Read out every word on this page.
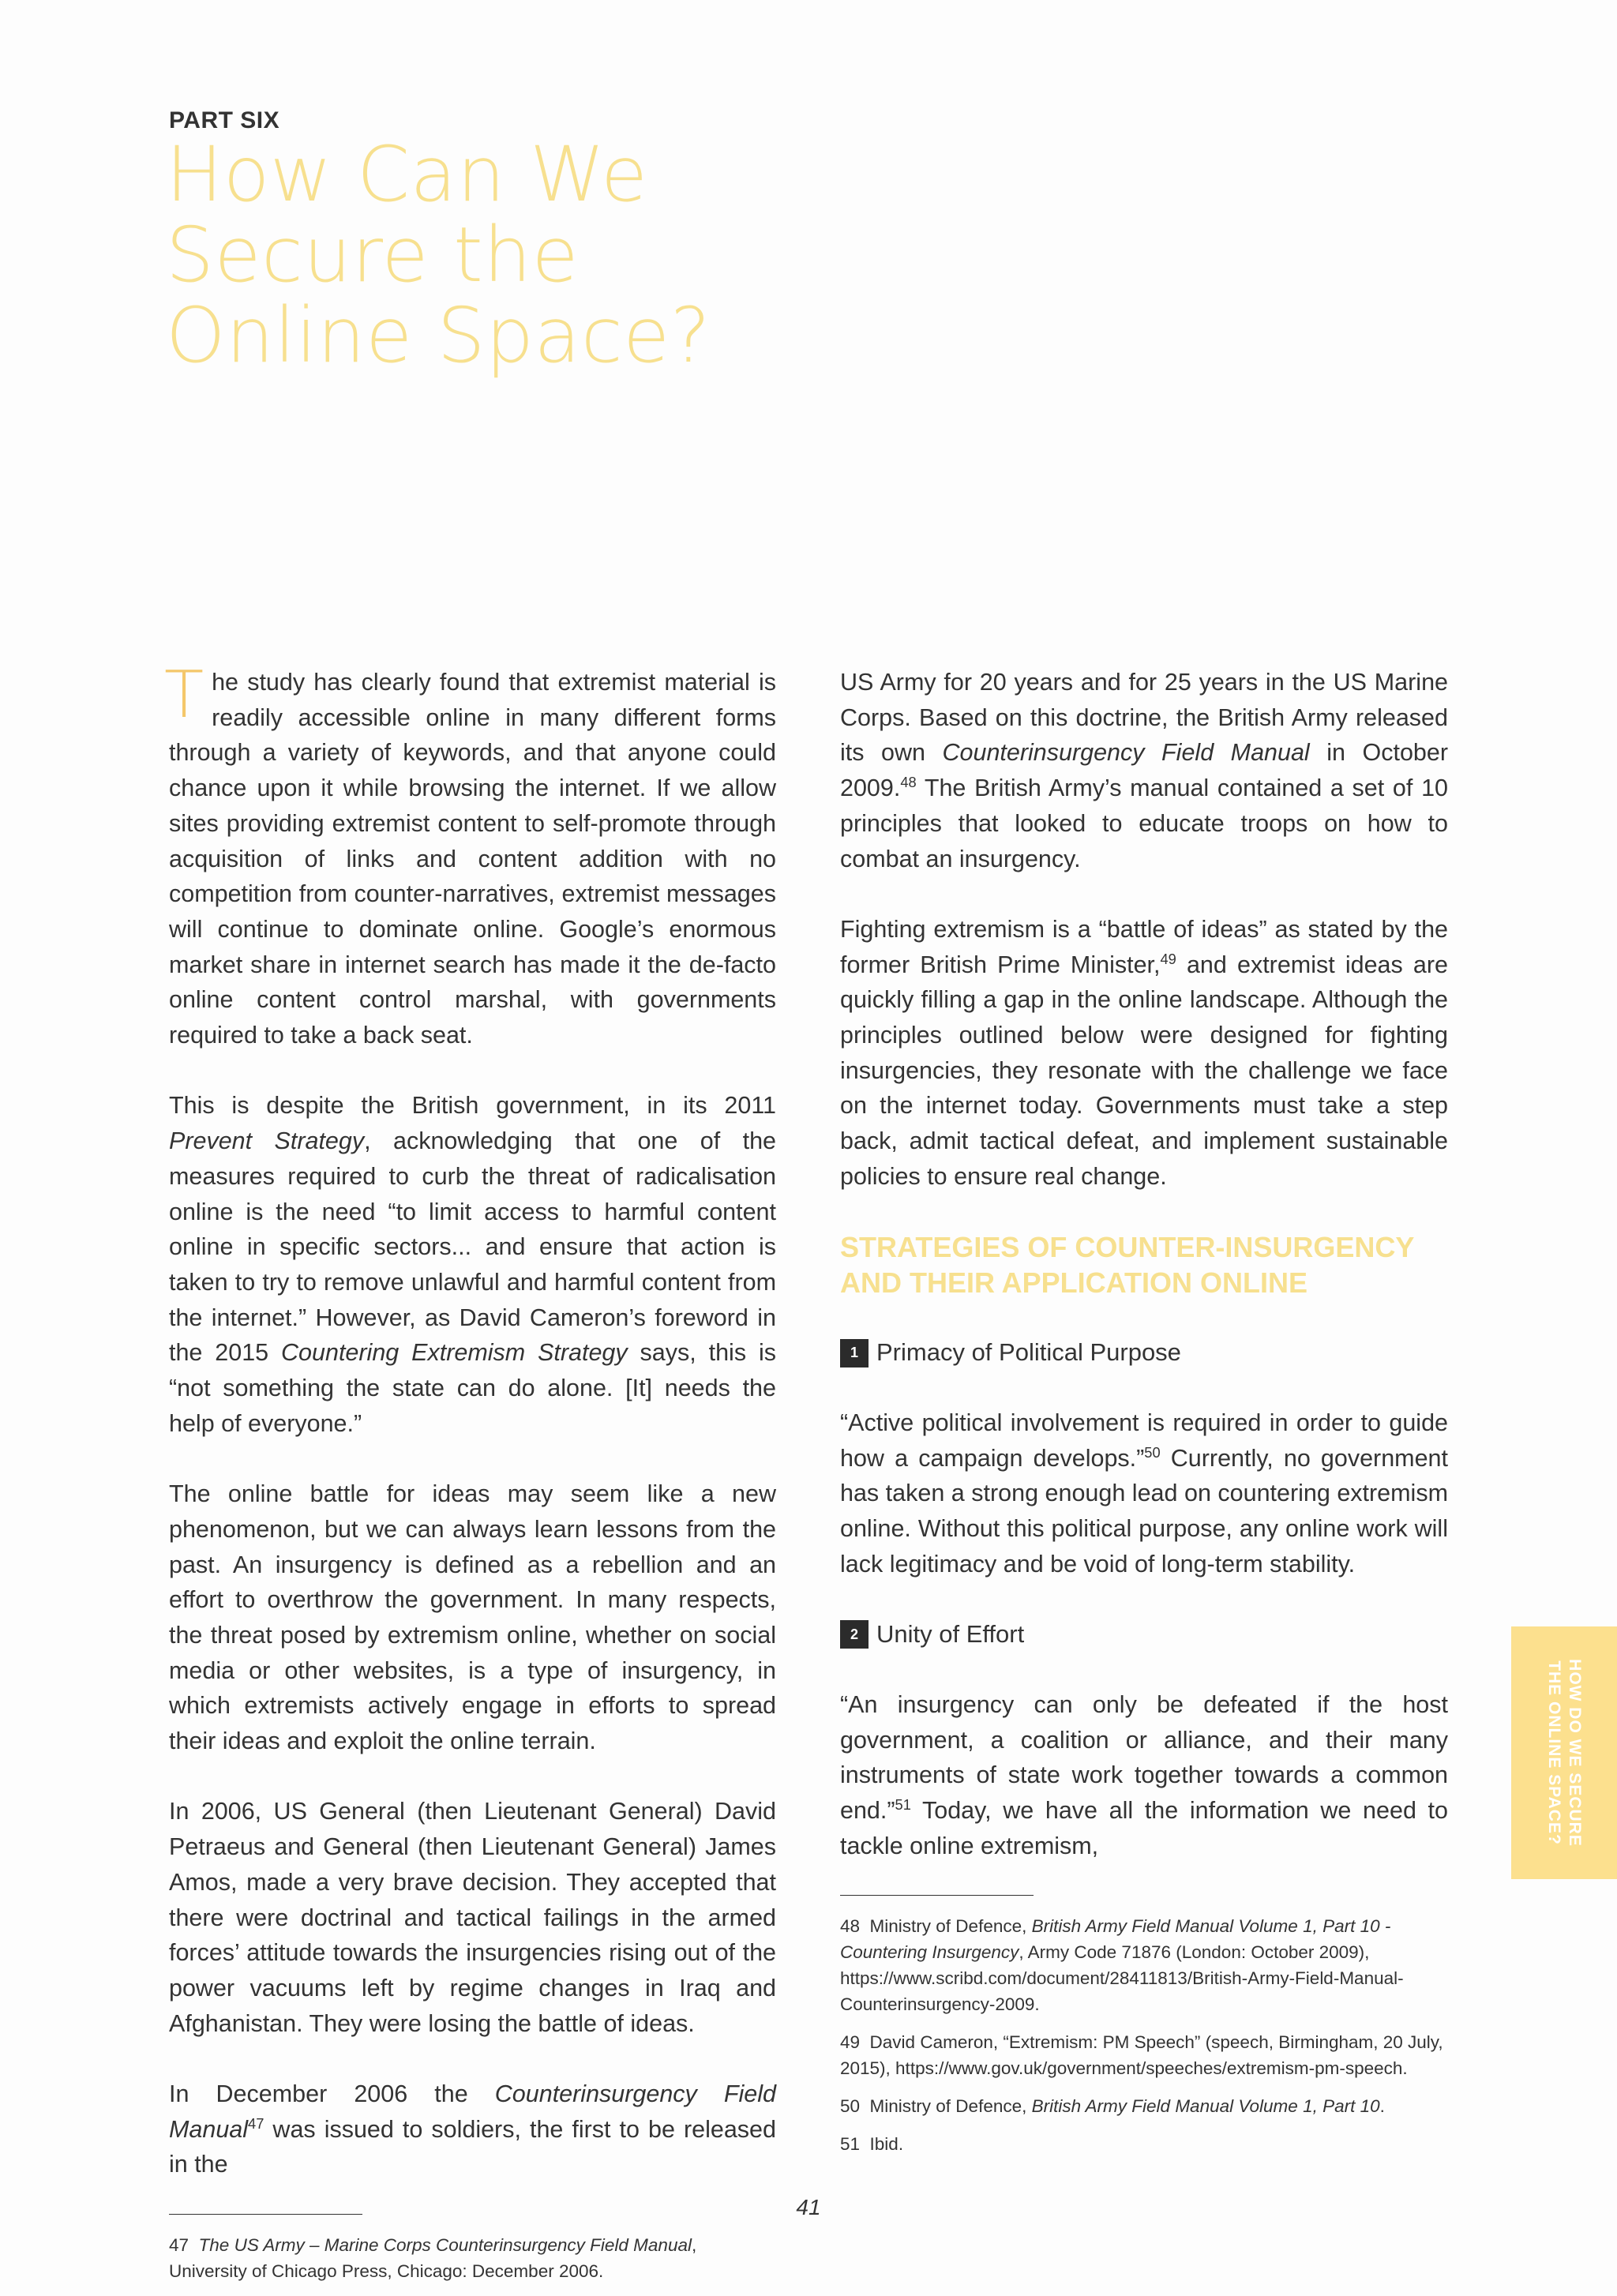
PART SIX
How Can We
Secure the
Online Space?

The study has clearly found that extremist material is readily accessible online in many different forms through a variety of keywords, and that anyone could chance upon it while browsing the internet. If we allow sites providing extremist content to self-promote through acquisition of links and content addition with no competition from counter-narratives, extremist messages will continue to dominate online. Google’s enormous market share in internet search has made it the de-facto online content control marshal, with governments required to take a back seat.

This is despite the British government, in its 2011 Prevent Strategy, acknowledging that one of the measures required to curb the threat of radicalisation online is the need “to limit access to harmful content online in specific sectors... and ensure that action is taken to try to remove unlawful and harmful content from the internet.” However, as David Cameron’s foreword in the 2015 Countering Extremism Strategy says, this is “not something the state can do alone. [It] needs the help of everyone.”

The online battle for ideas may seem like a new phenomenon, but we can always learn lessons from the past. An insurgency is defined as a rebellion and an effort to overthrow the government. In many respects, the threat posed by extremism online, whether on social media or other websites, is a type of insurgency, in which extremists actively engage in efforts to spread their ideas and exploit the online terrain.

In 2006, US General (then Lieutenant General) David Petraeus and General (then Lieutenant General) James Amos, made a very brave decision. They accepted that there were doctrinal and tactical failings in the armed forces’ attitude towards the insurgencies rising out of the power vacuums left by regime changes in Iraq and Afghanistan. They were losing the battle of ideas.

In December 2006 the Counterinsurgency Field Manual$^{47}$ was issued to soldiers, the first to be released in the

47 The US Army – Marine Corps Counterinsurgency Field Manual, University of Chicago Press, Chicago: December 2006.

US Army for 20 years and for 25 years in the US Marine Corps. Based on this doctrine, the British Army released its own Counterinsurgency Field Manual in October 2009.48 The British Army’s manual contained a set of 10 principles that looked to educate troops on how to combat an insurgency.

Fighting extremism is a “battle of ideas” as stated by the former British Prime Minister,$^{49}$ and extremist ideas are quickly filling a gap in the online landscape. Although the principles outlined below were designed for fighting insurgencies, they resonate with the challenge we face on the internet today. Governments must take a step back, admit tactical defeat, and implement sustainable policies to ensure real change.

STRATEGIES OF COUNTER-INSURGENCY
AND THEIR APPLICATION ONLINE
1 Primacy of Political Purpose

“Active political involvement is required in order to guide how a campaign develops.”$^{50}$ Currently, no government has taken a strong enough lead on countering extremism online. Without this political purpose, any online work will lack legitimacy and be void of long-term stability.

2 Unity of Effort

“An insurgency can only be defeated if the host government, a coalition or alliance, and their many instruments of state work together towards a common end.”$^{51}$ Today, we have all the information we need to tackle online extremism,

48 Ministry of Defence, British Army Field Manual Volume 1, Part 10 - Countering Insurgency, Army Code 71876 (London: October 2009), https://www.scribd.com/document/28411813/British-Army-Field-Manual-Counterinsurgency-2009.
49 David Cameron, “Extremism: PM Speech” (speech, Birmingham, 20 July, 2015), https://www.gov.uk/government/speeches/extremism-pm-speech.
50 Ministry of Defence, British Army Field Manual Volume 1, Part 10.
51 Ibid.
HOW DO WE SECURE
THE ONLINE SPACE?
41
